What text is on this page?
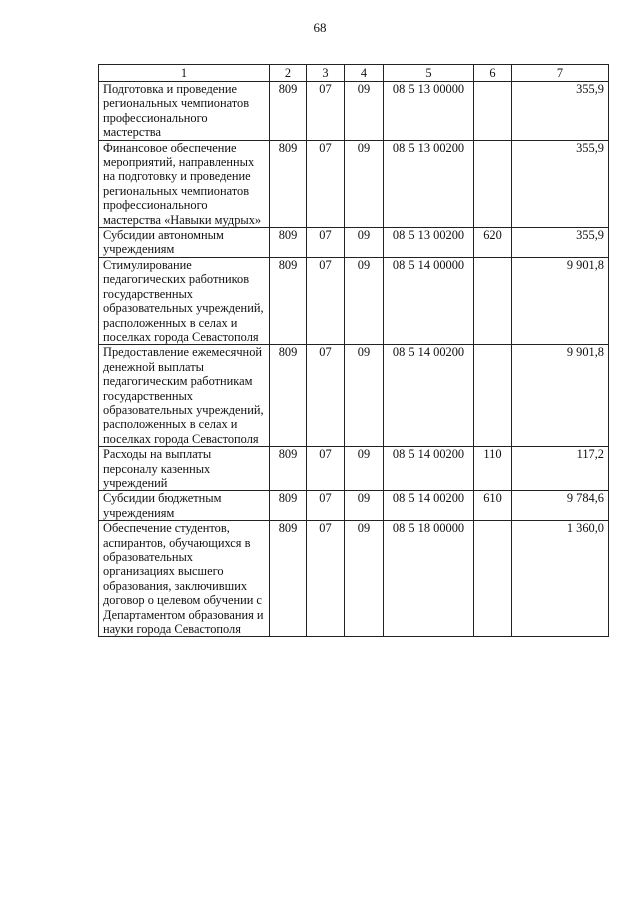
68
1	2	3	4	5	6	7
Подготовка и проведение региональных чемпионатов профессионального мастерства	809	07	09	08 5 13 00000		355,9
Финансовое обеспечение мероприятий, направленных на подготовку и проведение региональных чемпионатов профессионального мастерства «Навыки мудрых»	809	07	09	08 5 13 00200		355,9
Субсидии автономным учреждениям	809	07	09	08 5 13 00200	620	355,9
Стимулирование педагогических работников государственных образовательных учреждений, расположенных в селах и поселках города Севастополя	809	07	09	08 5 14 00000		9 901,8
Предоставление ежемесячной денежной выплаты педагогическим работникам государственных образовательных учреждений, расположенных в селах и поселках города Севастополя	809	07	09	08 5 14 00200		9 901,8
Расходы на выплаты персоналу казенных учреждений	809	07	09	08 5 14 00200	110	117,2
Субсидии бюджетным учреждениям	809	07	09	08 5 14 00200	610	9 784,6
Обеспечение студентов, аспирантов, обучающихся в образовательных организациях высшего образования, заключивших договор о целевом обучении с Департаментом образования и науки города Севастополя	809	07	09	08 5 18 00000		1 360,0
